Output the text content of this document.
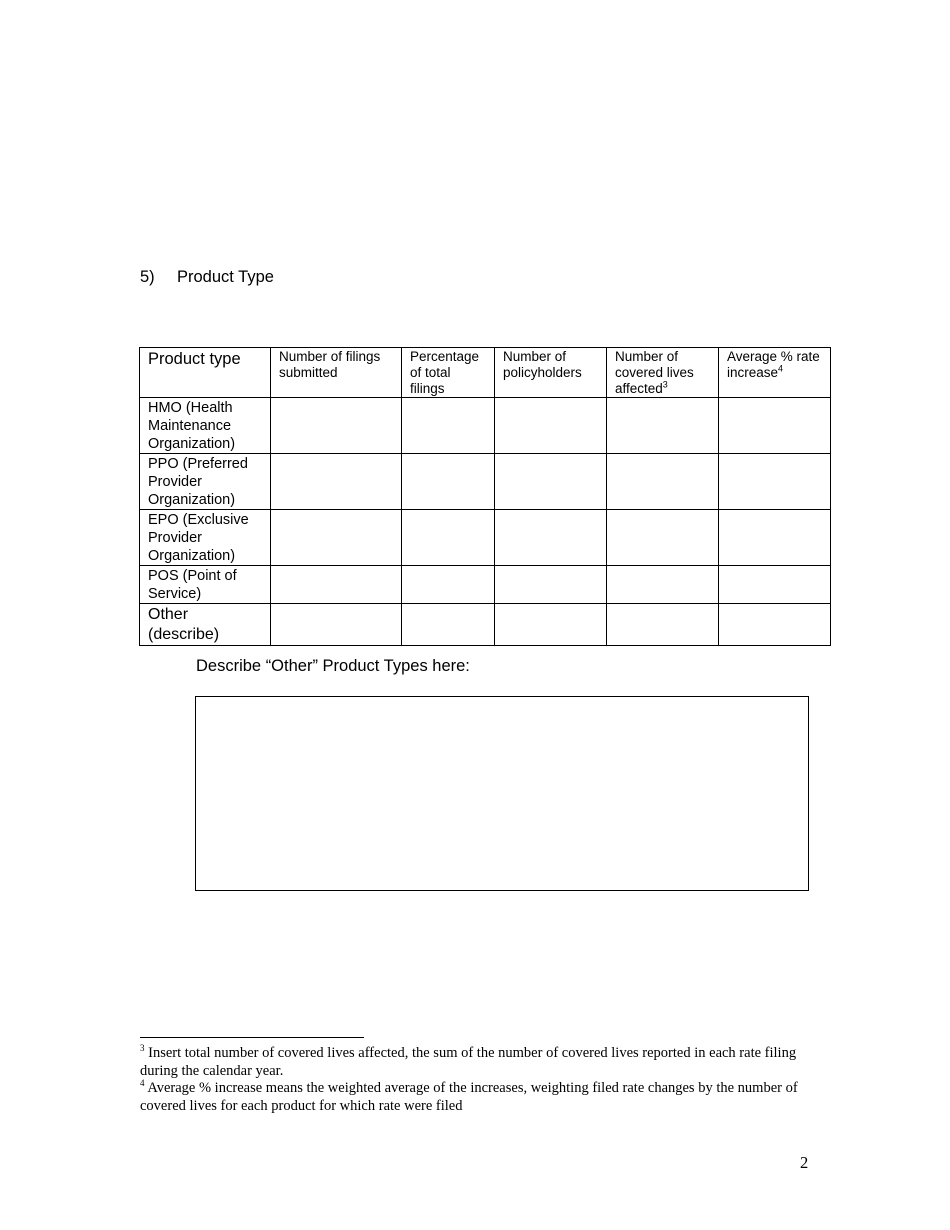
5)	Product Type
Product type	Number of filings submitted	Percentage of total filings	Number of policyholders	Number of covered lives affected$^3$	Average % rate increase$^4$
HMO (Health Maintenance Organization)					
PPO (Preferred Provider Organization)					
EPO (Exclusive Provider Organization)					
POS (Point of Service)					
Other (describe)					
Describe “Other” Product Types here:

$^3$ Insert total number of covered lives affected, the sum of the number of covered lives reported in each rate filing during the calendar year.

$^4$ Average % increase means the weighted average of the increases, weighting filed rate changes by the number of covered lives for each product for which rate were filed

2
